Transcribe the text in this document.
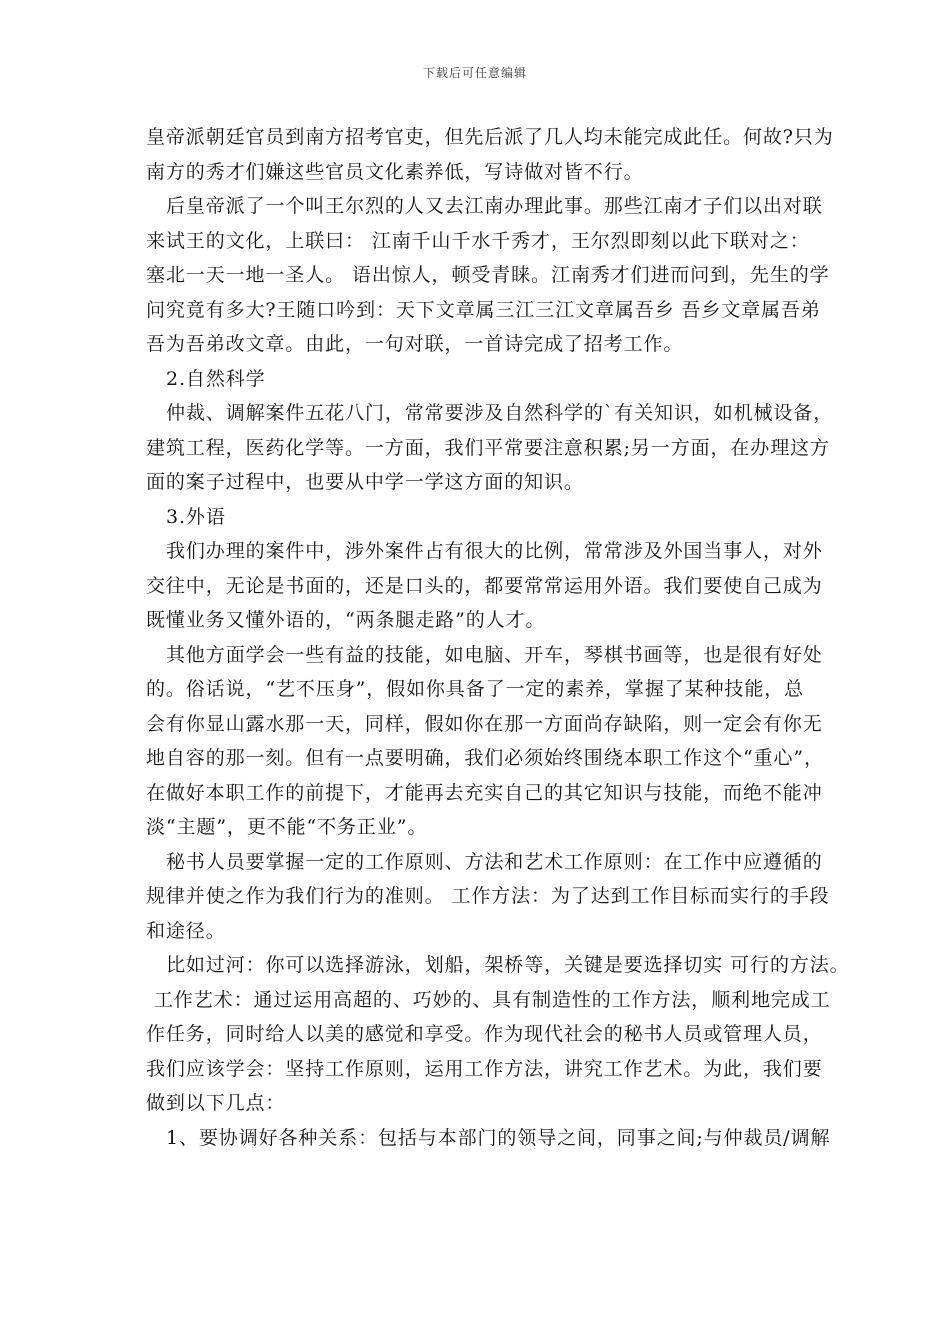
下载后可任意编辑

皇帝派朝廷官员到南方招考官吏，但先后派了几人均未能完成此任。何故?只为

南方的秀才们嫌这些官员文化素养低，写诗做对皆不行。

后皇帝派了一个叫王尔烈的人又去江南办理此事。那些江南才子们以出对联

来试王的文化，上联曰： 江南千山千水千秀才，王尔烈即刻以此下联对之：

塞北一天一地一圣人。 语出惊人，顿受青睐。江南秀才们进而问到，先生的学

问究竟有多大?王随口吟到：天下文章属三江三江文章属吾乡 吾乡文章属吾弟

吾为吾弟改文章。由此，一句对联，一首诗完成了招考工作。

2.自然科学

仲裁、调解案件五花八门，常常要涉及自然科学的`有关知识，如机械设备，

建筑工程，医药化学等。一方面，我们平常要注意积累;另一方面，在办理这方

面的案子过程中，也要从中学一学这方面的知识。

3.外语

我们办理的案件中，涉外案件占有很大的比例，常常涉及外国当事人，对外

交往中，无论是书面的，还是口头的，都要常常运用外语。我们要使自己成为

既懂业务又懂外语的，“两条腿走路”的人才。

其他方面学会一些有益的技能，如电脑、开车，琴棋书画等，也是很有好处

的。俗话说，“艺不压身”，假如你具备了一定的素养，掌握了某种技能，总

会有你显山露水那一天，同样，假如你在那一方面尚存缺陷，则一定会有你无

地自容的那一刻。但有一点要明确，我们必须始终围绕本职工作这个“重心”，

在做好本职工作的前提下，才能再去充实自己的其它知识与技能，而绝不能冲

淡“主题”，更不能“不务正业”。

秘书人员要掌握一定的工作原则、方法和艺术工作原则：在工作中应遵循的

规律并使之作为我们行为的准则。 工作方法：为了达到工作目标而实行的手段

和途径。

比如过河：你可以选择游泳，划船，架桥等，关键是要选择切实 可行的方法。

工作艺术：通过运用高超的、巧妙的、具有制造性的工作方法，顺利地完成工

作任务，同时给人以美的感觉和享受。作为现代社会的秘书人员或管理人员，

我们应该学会：坚持工作原则，运用工作方法，讲究工作艺术。为此，我们要

做到以下几点：

1、要协调好各种关系：包括与本部门的领导之间，同事之间;与仲裁员/调解
